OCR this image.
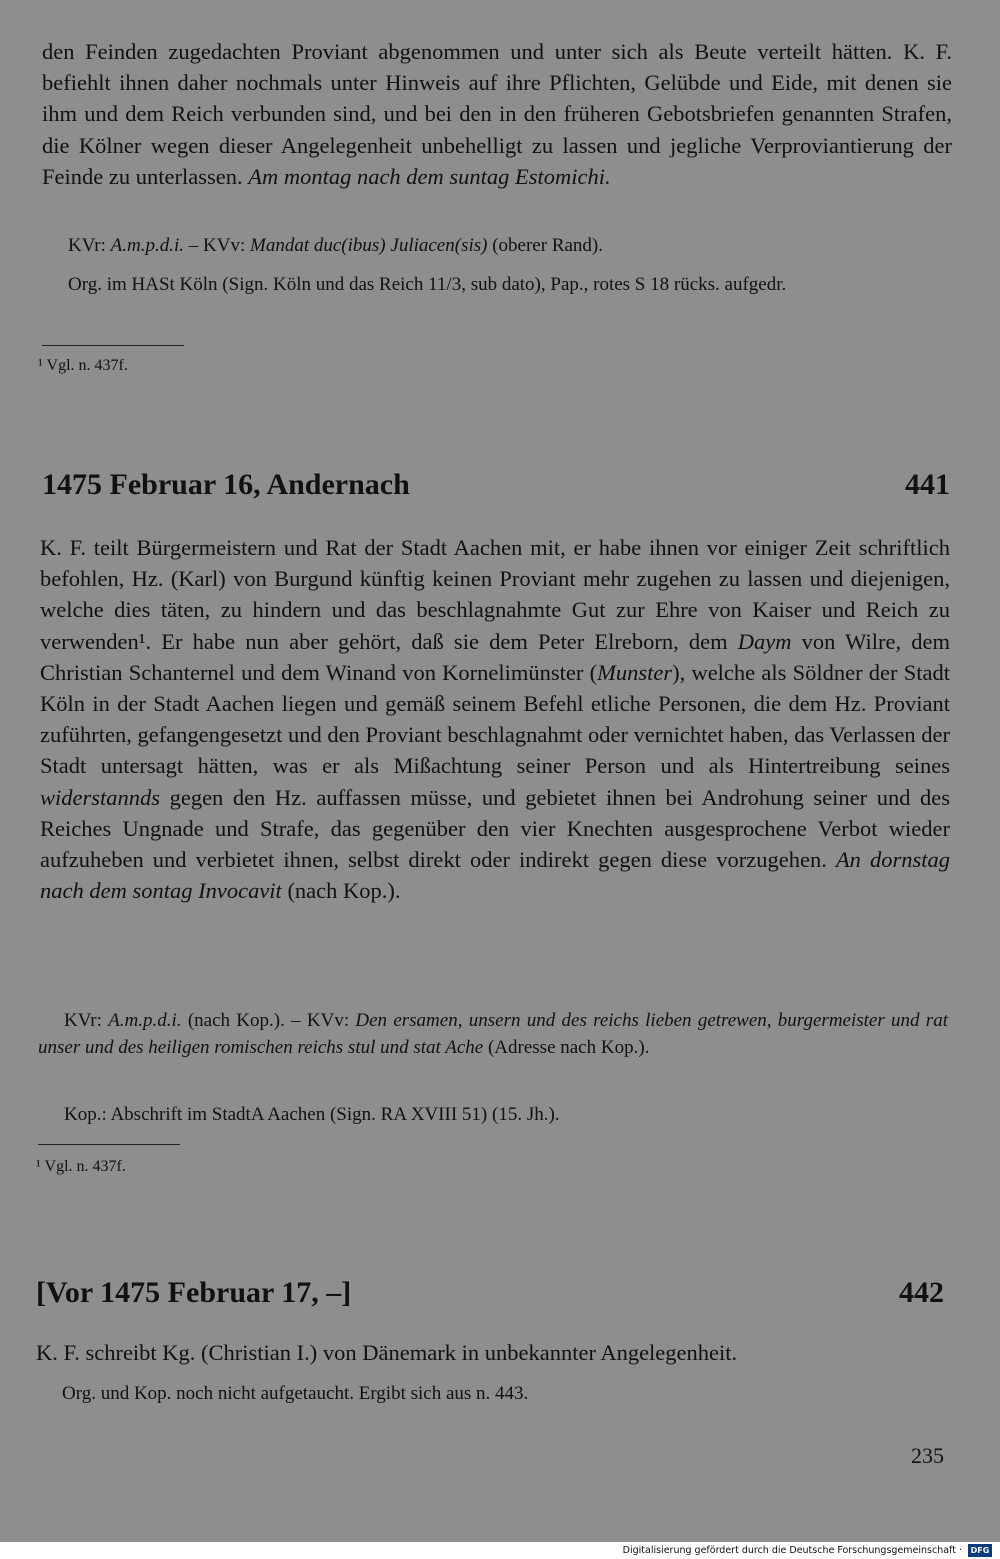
den Feinden zugedachten Proviant abgenommen und unter sich als Beute verteilt hätten. K. F. befiehlt ihnen daher nochmals unter Hinweis auf ihre Pflichten, Gelübde und Eide, mit denen sie ihm und dem Reich verbunden sind, und bei den in den früheren Gebotsbriefen genannten Strafen, die Kölner wegen dieser Angelegenheit unbehelligt zu lassen und jegliche Verproviantierung der Feinde zu unterlassen. Am montag nach dem suntag Estomichi.

KVr: A.m.p.d.i. – KVv: Mandat duc(ibus) Juliacen(sis) (oberer Rand).

Org. im HASt Köln (Sign. Köln und das Reich 11/3, sub dato), Pap., rotes S 18 rücks. aufgedr.

¹ Vgl. n. 437f.

1475 Februar 16, Andernach	441

K. F. teilt Bürgermeistern und Rat der Stadt Aachen mit, er habe ihnen vor einiger Zeit schriftlich befohlen, Hz. (Karl) von Burgund künftig keinen Proviant mehr zugehen zu lassen und diejenigen, welche dies täten, zu hindern und das beschlagnahmte Gut zur Ehre von Kaiser und Reich zu verwenden¹. Er habe nun aber gehört, daß sie dem Peter Elreborn, dem Daym von Wilre, dem Christian Schanternel und dem Winand von Kornelimünster (Munster), welche als Söldner der Stadt Köln in der Stadt Aachen liegen und gemäß seinem Befehl etliche Personen, die dem Hz. Proviant zuführten, gefangengesetzt und den Proviant beschlagnahmt oder vernichtet haben, das Verlassen der Stadt untersagt hätten, was er als Mißachtung seiner Person und als Hintertreibung seines widerstannds gegen den Hz. auffassen müsse, und gebietet ihnen bei Androhung seiner und des Reiches Ungnade und Strafe, das gegenüber den vier Knechten ausgesprochene Verbot wieder aufzuheben und verbietet ihnen, selbst direkt oder indirekt gegen diese vorzugehen. An dornstag nach dem sontag Invocavit (nach Kop.).

KVr: A.m.p.d.i. (nach Kop.). – KVv: Den ersamen, unsern und des reichs lieben getrewen, burgermeister und rat unser und des heiligen romischen reichs stul und stat Ache (Adresse nach Kop.).

Kop.: Abschrift im StadtA Aachen (Sign. RA XVIII 51) (15. Jh.).

¹ Vgl. n. 437f.

[Vor 1475 Februar 17, –]	442

K. F. schreibt Kg. (Christian I.) von Dänemark in unbekannter Angelegenheit.

Org. und Kop. noch nicht aufgetaucht. Ergibt sich aus n. 443.

235
Digitalisierung gefördert durch die Deutsche Forschungsgemeinschaft ·	DFG
